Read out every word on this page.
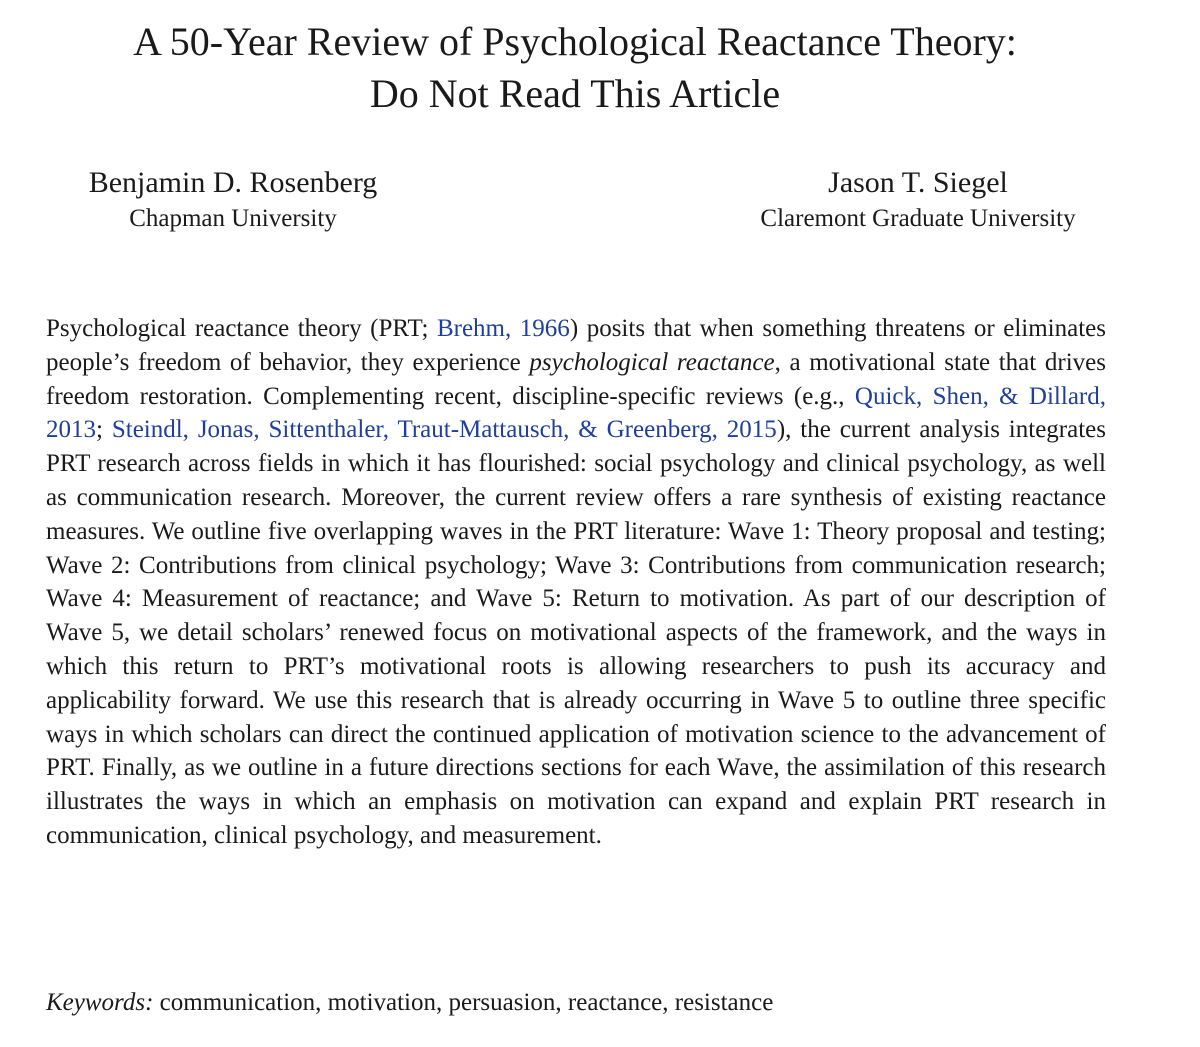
A 50-Year Review of Psychological Reactance Theory:
Do Not Read This Article
Benjamin D. Rosenberg
Chapman University
Jason T. Siegel
Claremont Graduate University

Psychological reactance theory (PRT; Brehm, 1966) posits that when something threatens or eliminates people’s freedom of behavior, they experience psychological reactance, a motivational state that drives freedom restoration. Complementing recent, discipline-specific reviews (e.g., Quick, Shen, & Dillard, 2013; Steindl, Jonas, Sittenthaler, Traut-Mattausch, & Greenberg, 2015), the current analysis integrates PRT research across fields in which it has flourished: social psychology and clinical psychology, as well as communication research. Moreover, the current review offers a rare synthesis of existing reactance measures. We outline five overlapping waves in the PRT literature: Wave 1: Theory proposal and testing; Wave 2: Contributions from clinical psychology; Wave 3: Contributions from communication research; Wave 4: Measurement of reactance; and Wave 5: Return to motivation. As part of our description of Wave 5, we detail scholars’ renewed focus on motivational aspects of the framework, and the ways in which this return to PRT’s motivational roots is allowing researchers to push its accuracy and applicability forward. We use this research that is already occurring in Wave 5 to outline three specific ways in which scholars can direct the continued application of motivation science to the advancement of PRT. Finally, as we outline in a future directions sections for each Wave, the assimilation of this research illustrates the ways in which an emphasis on motivation can expand and explain PRT research in communication, clinical psychology, and measurement.

Keywords: communication, motivation, persuasion, reactance, resistance
